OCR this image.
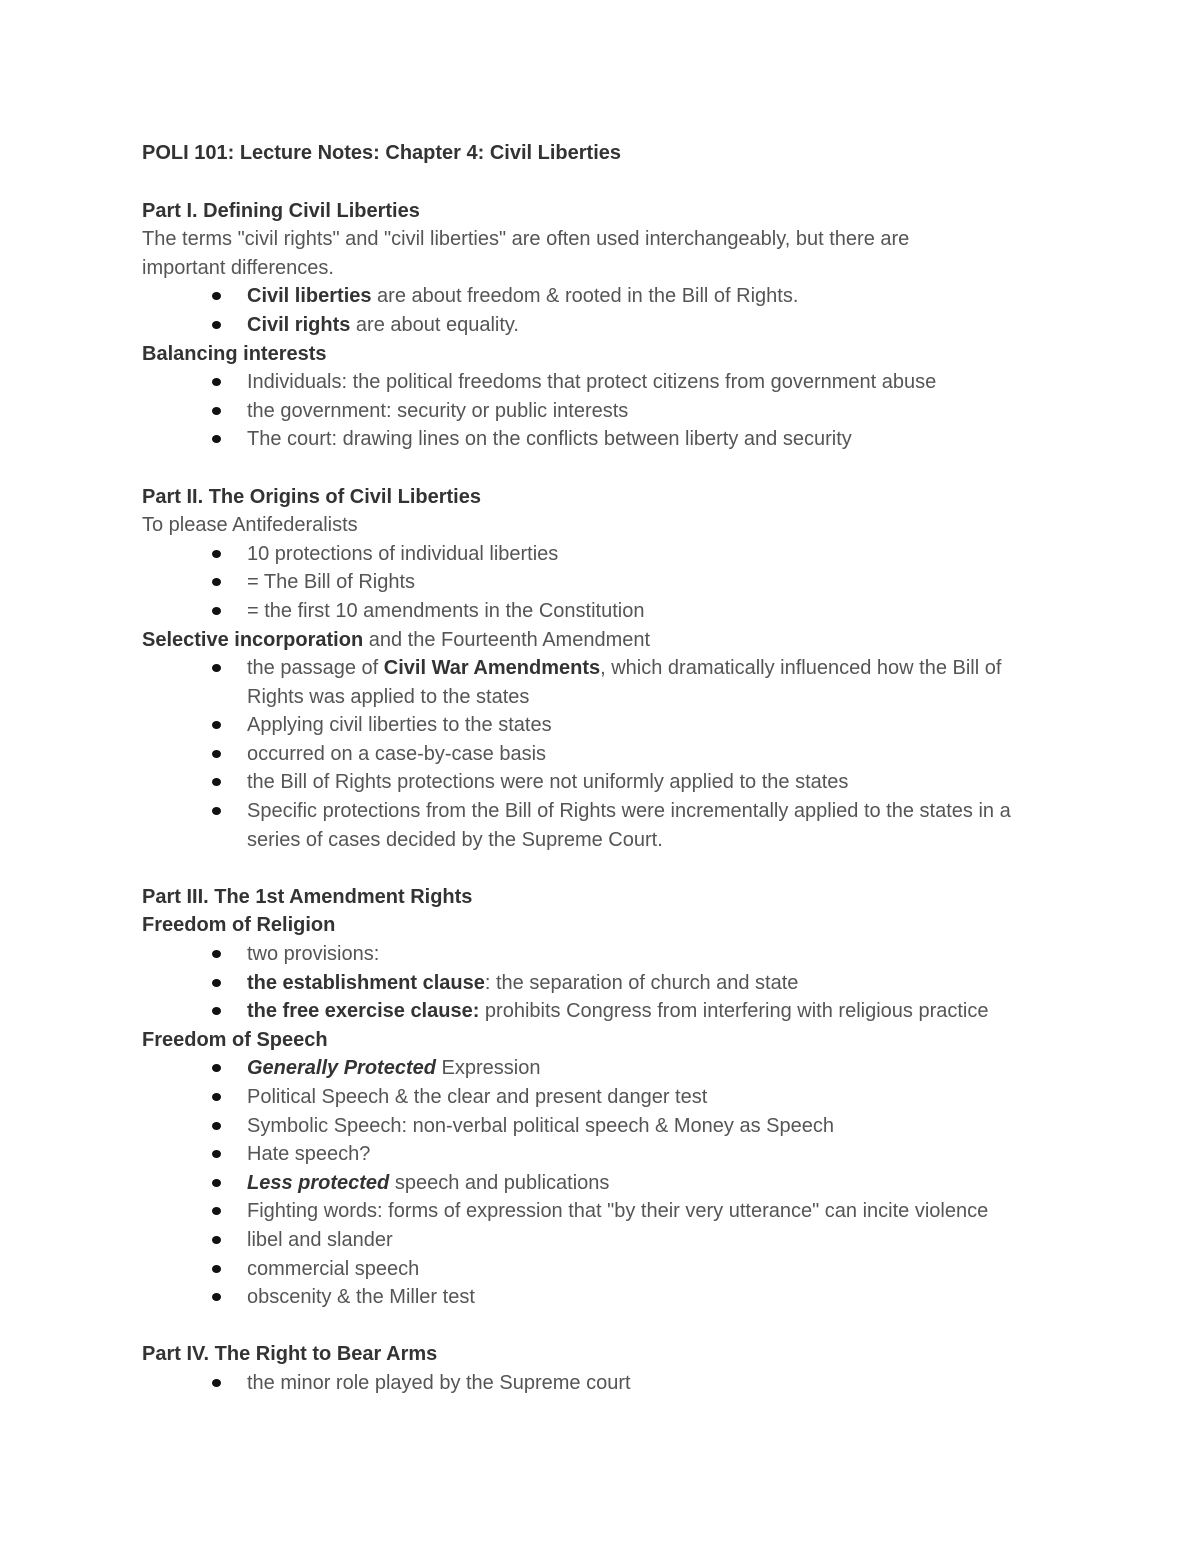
POLI 101: Lecture Notes: Chapter 4: Civil Liberties
Part I. Defining Civil Liberties
The terms "civil rights" and "civil liberties" are often used interchangeably, but there are important differences.
Civil liberties are about freedom & rooted in the Bill of Rights.
Civil rights are about equality.
Balancing interests
Individuals: the political freedoms that protect citizens from government abuse
the government: security or public interests
The court: drawing lines on the conflicts between liberty and security
Part II. The Origins of Civil Liberties
To please Antifederalists
10 protections of individual liberties
= The Bill of Rights
= the first 10 amendments in the Constitution
Selective incorporation and the Fourteenth Amendment
the passage of Civil War Amendments, which dramatically influenced how the Bill of Rights was applied to the states
Applying civil liberties to the states
occurred on a case-by-case basis
the Bill of Rights protections were not uniformly applied to the states
Specific protections from the Bill of Rights were incrementally applied to the states in a series of cases decided by the Supreme Court.
Part III. The 1st Amendment Rights
Freedom of Religion
two provisions:
the establishment clause: the separation of church and state
the free exercise clause: prohibits Congress from interfering with religious practice
Freedom of Speech
Generally Protected Expression
Political Speech & the clear and present danger test
Symbolic Speech: non-verbal political speech & Money as Speech
Hate speech?
Less protected speech and publications
Fighting words: forms of expression that "by their very utterance" can incite violence
libel and slander
commercial speech
obscenity & the Miller test
Part IV. The Right to Bear Arms
the minor role played by the Supreme court
